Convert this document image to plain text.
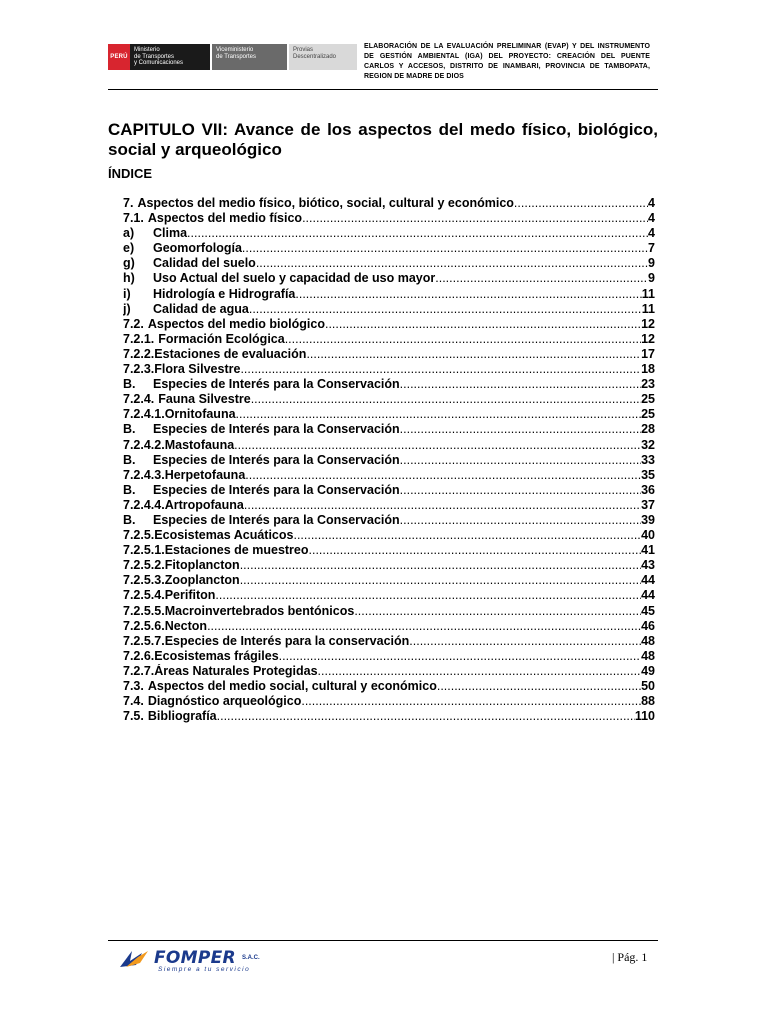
PERÚ
Ministerio
de Transportes
y Comunicaciones
Viceministerio
de Transportes
Provias
Descentralizado
ELABORACIÓN DE LA EVALUACIÓN PRELIMINAR (EVAP) Y DEL INSTRUMENTO DE GESTIÓN AMBIENTAL (IGA) DEL PROYECTO: CREACIÓN DEL PUENTE CARLOS Y ACCESOS, DISTRITO DE INAMBARI, PROVINCIA DE TAMBOPATA, REGION DE MADRE DE DIOS
CAPITULO VII: Avance de los aspectos del medo físico, biológico, social y arqueológico
ÍNDICE
7. Aspectos del medio físico, biótico, social, cultural y económico .....	4
7.1. Aspectos del medio físico .....	4
a)	Clima .....	4
e)	Geomorfología .....	7
g)	Calidad del suelo .....	9
h)	Uso Actual del suelo y capacidad de uso mayor .....	9
i)	Hidrología e Hidrografía .....	11
j)	Calidad de agua .....	11
7.2. Aspectos del medio biológico .....	12
7.2.1. Formación Ecológica .....	12
7.2.2.Estaciones de evaluación .....	17
7.2.3.Flora Silvestre .....	18
B.	Especies de Interés para la Conservación .....	23
7.2.4. Fauna Silvestre .....	25
7.2.4.1.Ornitofauna .....	25
B.	Especies de Interés para la Conservación .....	28
7.2.4.2.Mastofauna .....	32
B.	Especies de Interés para la Conservación .....	33
7.2.4.3.Herpetofauna .....	35
B.	Especies de Interés para la Conservación .....	36
7.2.4.4.Artropofauna .....	37
B.	Especies de Interés para la Conservación .....	39
7.2.5.Ecosistemas Acuáticos .....	40
7.2.5.1.Estaciones de muestreo .....	41
7.2.5.2.Fitoplancton .....	43
7.2.5.3.Zooplancton .....	44
7.2.5.4.Perifiton .....	44
7.2.5.5.Macroinvertebrados bentónicos .....	45
7.2.5.6.Necton .....	46
7.2.5.7.Especies de Interés para la conservación .....	48
7.2.6.Ecosistemas frágiles .....	48
7.2.7.Áreas Naturales Protegidas .....	49
7.3. Aspectos del medio social, cultural y económico .....	50
7.4. Diagnóstico arqueológico .....	88
7.5. Bibliografía .....	110
FOMPER S.A.C.
Siempre a tu servicio
| Pág. 1
